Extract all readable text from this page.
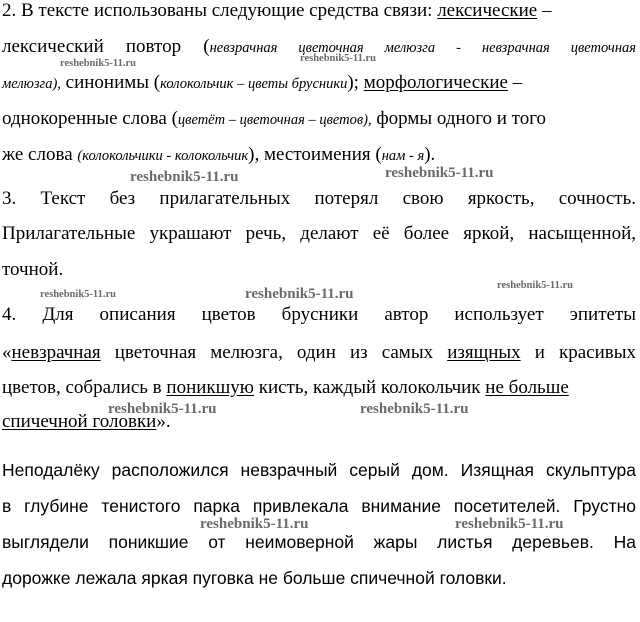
2. В тексте использованы следующие средства связи: лексические –
лексический повтор (невзрачная цветочная мелюзга - невзрачная цветочная
мелюзга), синонимы (колокольчик – цветы брусники); морфологические –
однокоренные слова (цветёт – цветочная – цветов), формы одного и того
же слова (колокольчики - колокольчик), местоимения (нам - я).
3. Текст без прилагательных потерял свою яркость, сочность.
Прилагательные украшают речь, делают её более яркой, насыщенной,
точной.
4. Для описания цветов брусники автор использует эпитеты
«невзрачная цветочная мелюзга, один из самых изящных и красивых
цветов, собрались в поникшую кисть, каждый колокольчик не больше
спичечной головки».
Неподалёку расположился невзрачный серый дом. Изящная скульптура
в глубине тенистого парка привлекала внимание посетителей. Грустно
выглядели поникшие от неимоверной жары листья деревьев. На
дорожке лежала яркая пуговка не больше спичечной головки.
reshebnik5-11.ru	reshebnik5-11.ru
reshebnik5-11.ru	reshebnik5-11.ru
reshebnik5-11.ru	reshebnik5-11.ru
reshebnik5-11.ru
reshebnik5-11.ru	reshebnik5-11.ru
reshebnik5-11.ru	reshebnik5-11.ru
